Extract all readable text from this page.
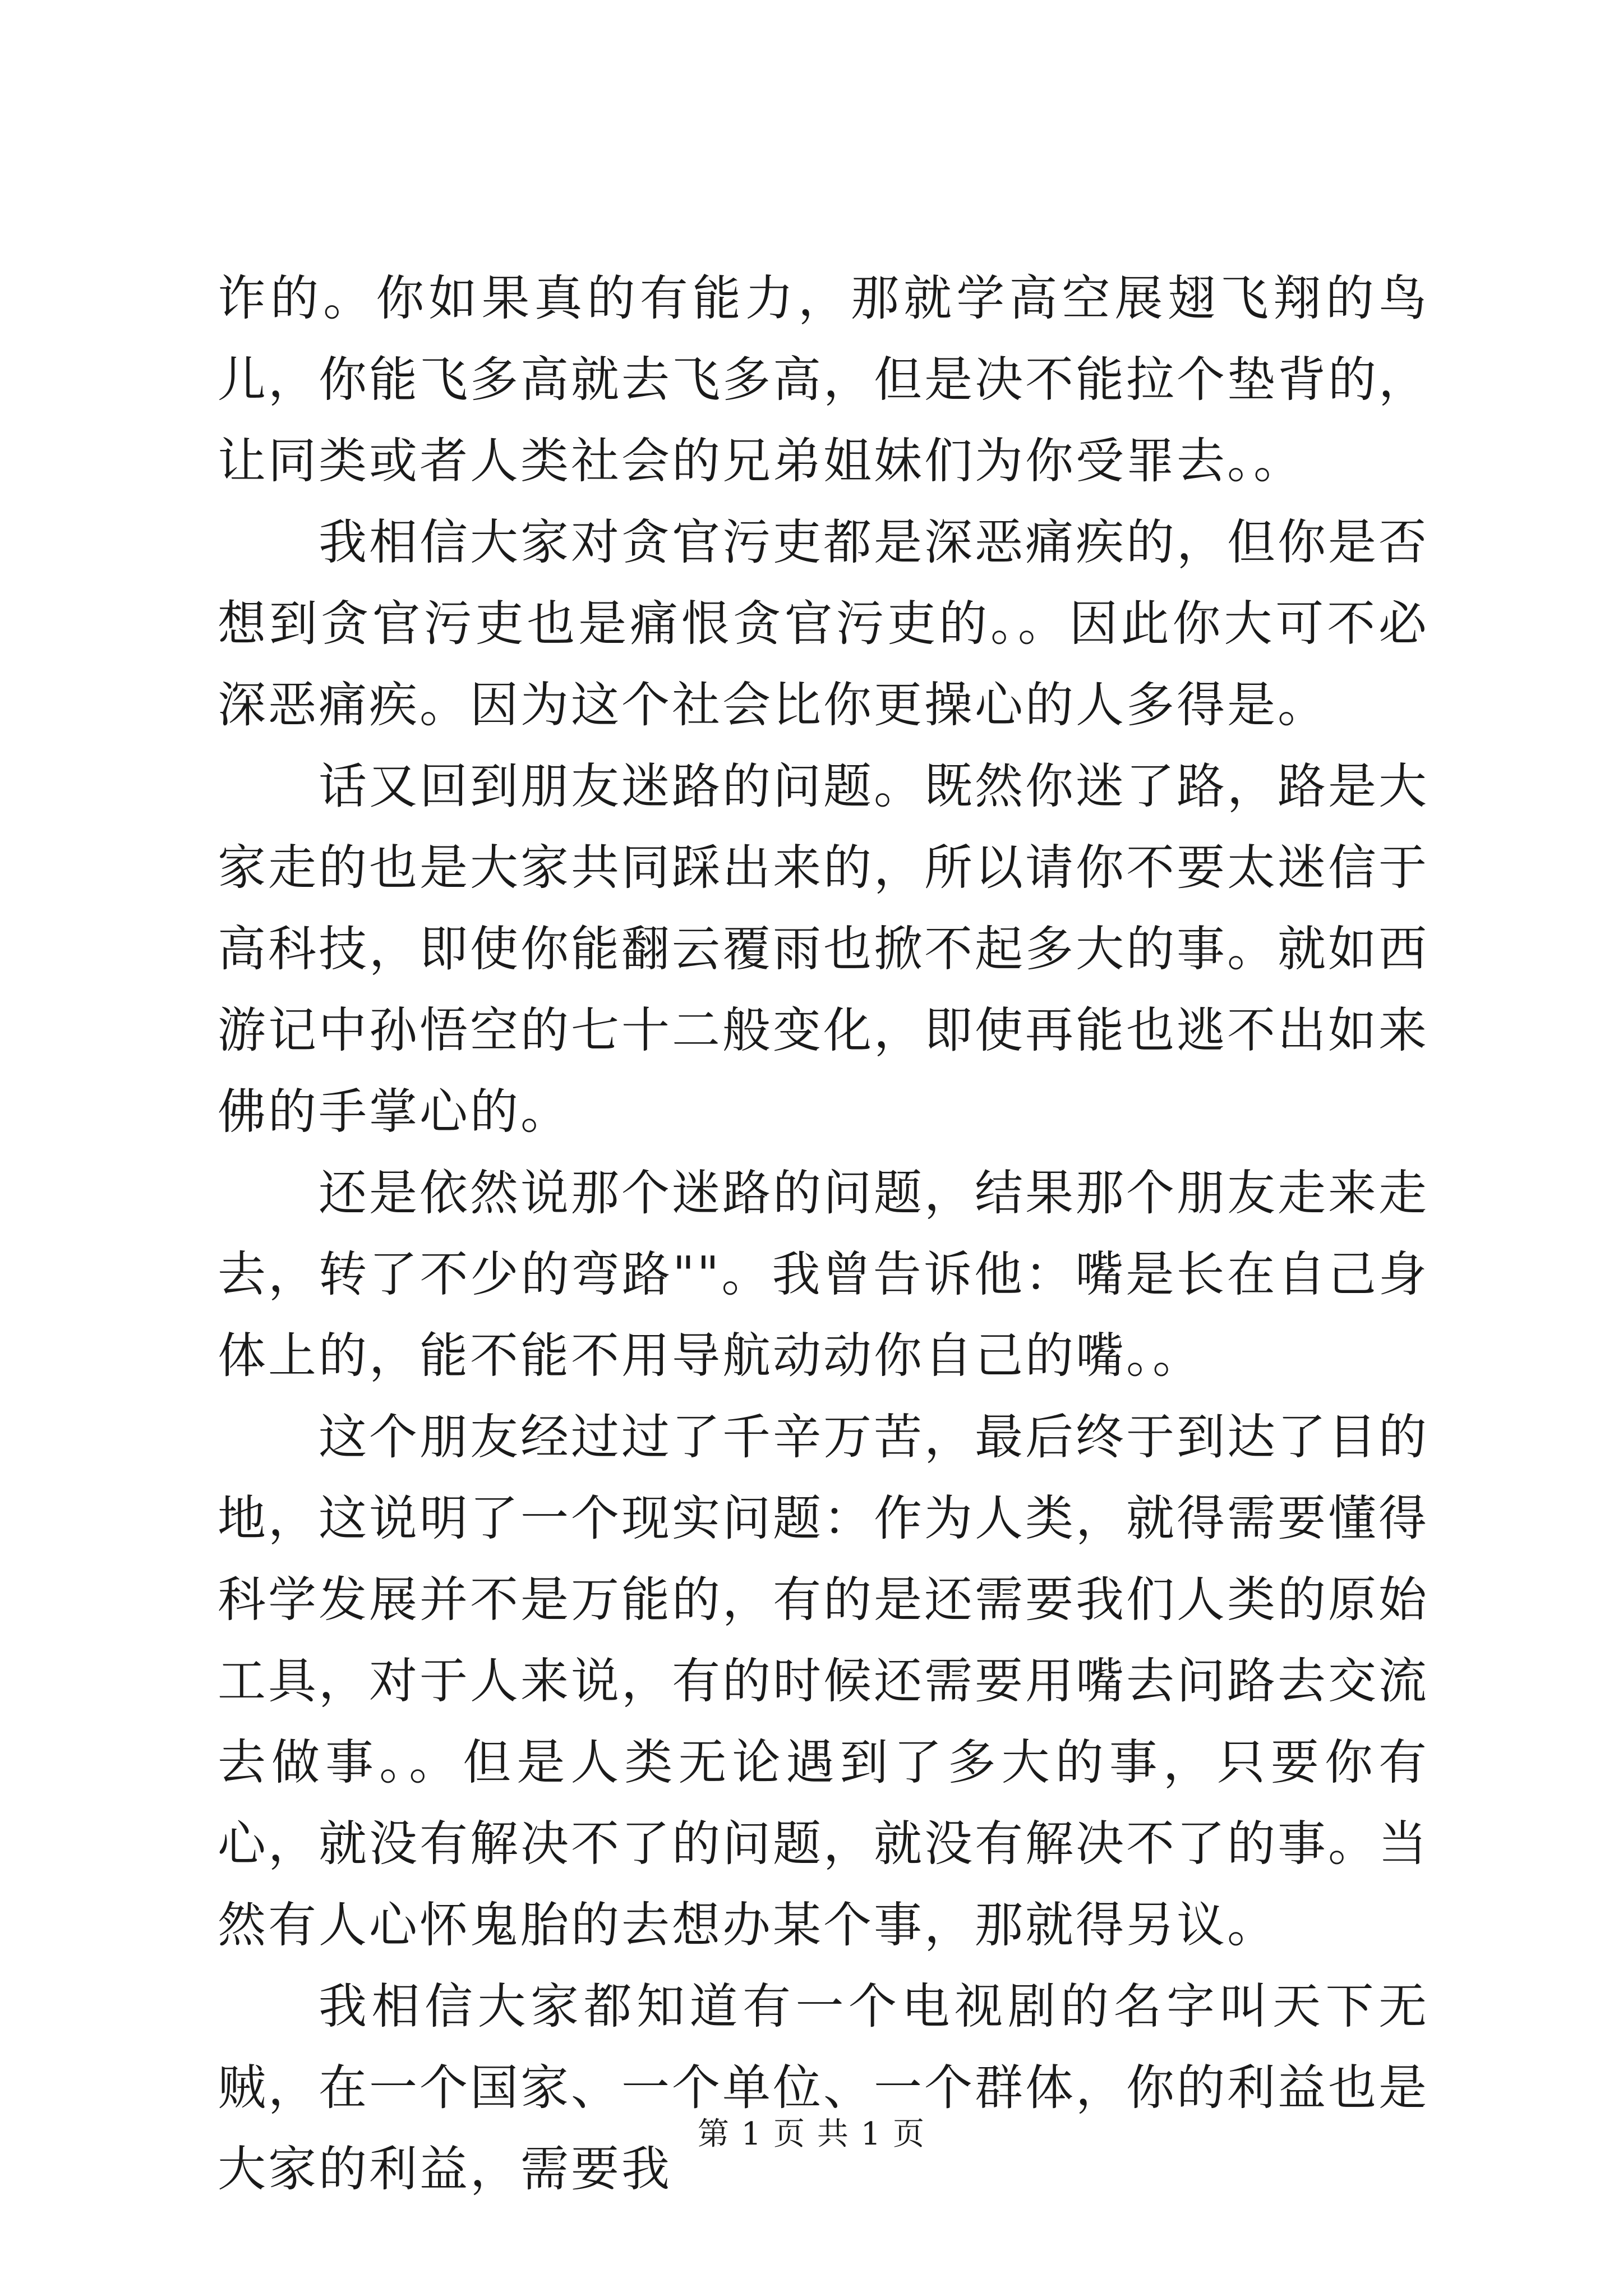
诈的。你如果真的有能力，那就学高空展翅飞翔的鸟儿，你能飞多高就去飞多高，但是决不能拉个垫背的，让同类或者人类社会的兄弟姐妹们为你受罪去。。

我相信大家对贪官污吏都是深恶痛疾的，但你是否想到贪官污吏也是痛恨贪官污吏的。。因此你大可不必深恶痛疾。因为这个社会比你更操心的人多得是。

话又回到朋友迷路的问题。既然你迷了路，路是大家走的也是大家共同踩出来的，所以请你不要太迷信于高科技，即使你能翻云覆雨也掀不起多大的事。就如西游记中孙悟空的七十二般变化，即使再能也逃不出如来佛的手掌心的。

还是依然说那个迷路的问题，结果那个朋友走来走去，转了不少的弯路""。我曾告诉他：嘴是长在自己身体上的，能不能不用导航动动你自己的嘴。。

这个朋友经过过了千辛万苦，最后终于到达了目的地，这说明了一个现实问题：作为人类，就得需要懂得科学发展并不是万能的，有的是还需要我们人类的原始工具，对于人来说，有的时候还需要用嘴去问路去交流去做事。。但是人类无论遇到了多大的事，只要你有心，就没有解决不了的问题，就没有解决不了的事。当然有人心怀鬼胎的去想办某个事，那就得另议。

我相信大家都知道有一个电视剧的名字叫天下无贼，在一个国家、一个单位、一个群体，你的利益也是大家的利益，需要我

第 1 页 共 1 页
